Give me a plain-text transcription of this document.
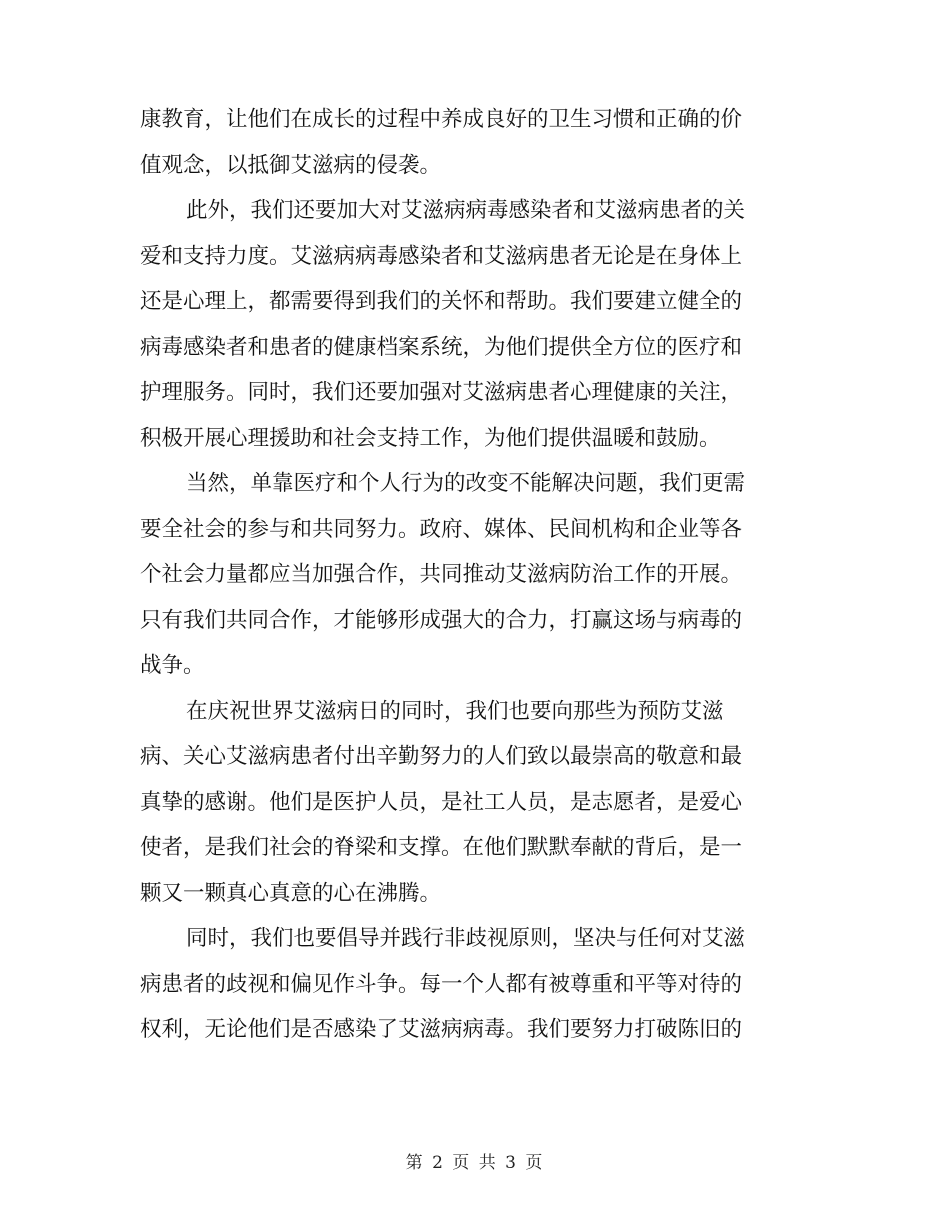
康教育，让他们在成长的过程中养成良好的卫生习惯和正确的价
值观念，以抵御艾滋病的侵袭。

此外，我们还要加大对艾滋病病毒感染者和艾滋病患者的关
爱和支持力度。艾滋病病毒感染者和艾滋病患者无论是在身体上
还是心理上，都需要得到我们的关怀和帮助。我们要建立健全的
病毒感染者和患者的健康档案系统，为他们提供全方位的医疗和
护理服务。同时，我们还要加强对艾滋病患者心理健康的关注，
积极开展心理援助和社会支持工作，为他们提供温暖和鼓励。

当然，单靠医疗和个人行为的改变不能解决问题，我们更需
要全社会的参与和共同努力。政府、媒体、民间机构和企业等各
个社会力量都应当加强合作，共同推动艾滋病防治工作的开展。
只有我们共同合作，才能够形成强大的合力，打赢这场与病毒的
战争。

在庆祝世界艾滋病日的同时，我们也要向那些为预防艾滋
病、关心艾滋病患者付出辛勤努力的人们致以最崇高的敬意和最
真挚的感谢。他们是医护人员，是社工人员，是志愿者，是爱心
使者，是我们社会的脊梁和支撑。在他们默默奉献的背后，是一
颗又一颗真心真意的心在沸腾。

同时，我们也要倡导并践行非歧视原则，坚决与任何对艾滋
病患者的歧视和偏见作斗争。每一个人都有被尊重和平等对待的
权利，无论他们是否感染了艾滋病病毒。我们要努力打破陈旧的

第 2 页 共 3 页
